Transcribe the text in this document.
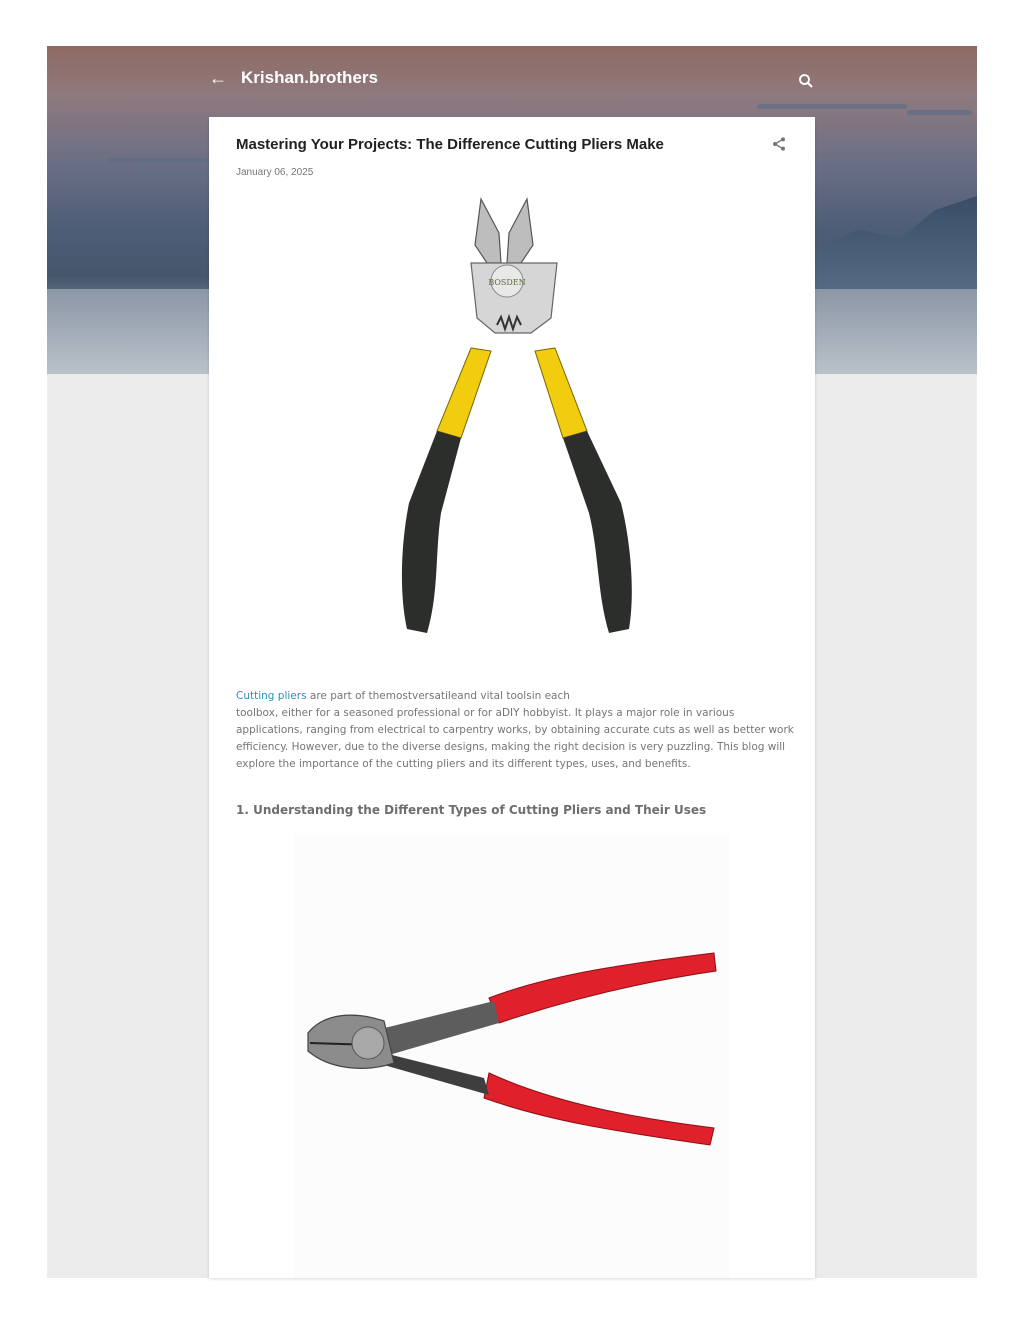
← Krishan.brothers
Mastering Your Projects: The Difference Cutting Pliers Make
January 06, 2025
BOSDEN
Cutting pliers are part of themostversatileand vital toolsin each
toolbox, either for a seasoned professional or for aDIY hobbyist. It plays a major role in various applications, ranging from electrical to carpentry works, by obtaining accurate cuts as well as better work efficiency. However, due to the diverse designs, making the right decision is very puzzling. This blog will explore the importance of the cutting pliers and its different types, uses, and benefits.
1. Understanding the Different Types of Cutting Pliers and Their Uses
